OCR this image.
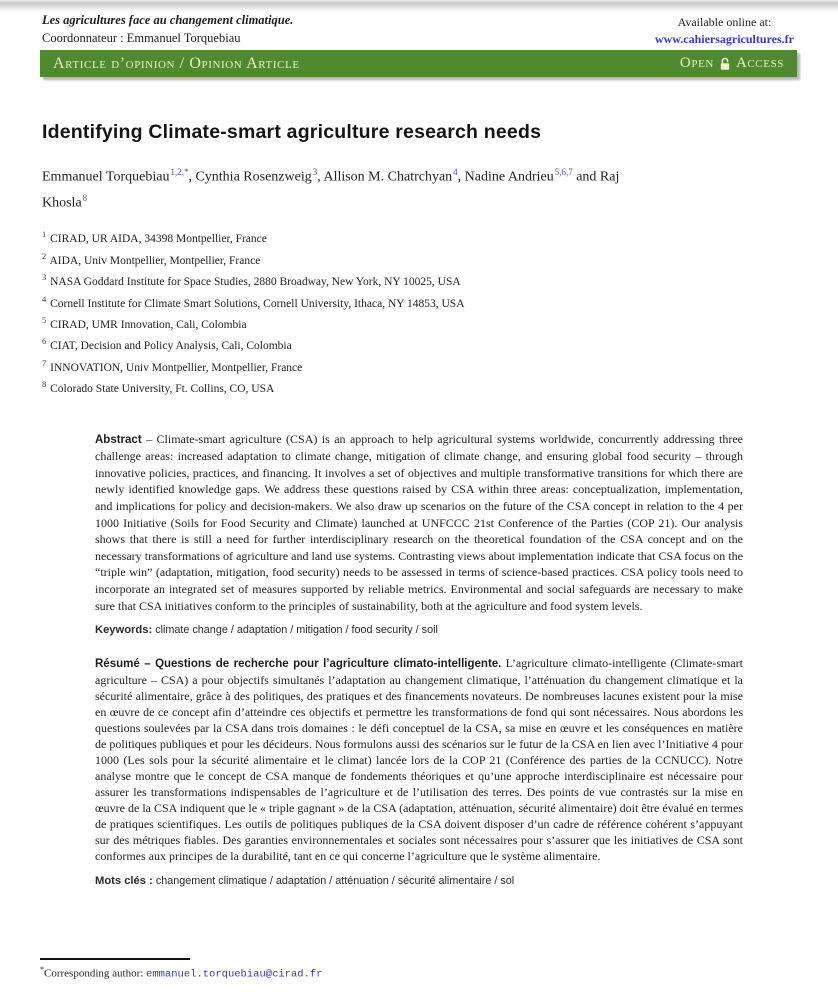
Les agricultures face au changement climatique.
Coordonnateur : Emmanuel Torquebiau
Available online at:
www.cahiersagricultures.fr
Article d’opinion / Opinion Article	Open Access
Identifying Climate-smart agriculture research needs

Emmanuel Torquebiau$^{1,2,*}$, Cynthia Rosenzweig$^3$, Allison M. Chatrchyan$^4$, Nadine Andrieu$^{5,6,7}$ and Raj Khosla$^8$

$^1$ CIRAD, UR AIDA, 34398 Montpellier, France
$^2$ AIDA, Univ Montpellier, Montpellier, France
$^3$ NASA Goddard Institute for Space Studies, 2880 Broadway, New York, NY 10025, USA
$^4$ Cornell Institute for Climate Smart Solutions, Cornell University, Ithaca, NY 14853, USA
$^5$ CIRAD, UMR Innovation, Cali, Colombia
$^6$ CIAT, Decision and Policy Analysis, Cali, Colombia
$^7$ INNOVATION, Univ Montpellier, Montpellier, France
$^8$ Colorado State University, Ft. Collins, CO, USA

Abstract – Climate-smart agriculture (CSA) is an approach to help agricultural systems worldwide, concurrently addressing three challenge areas: increased adaptation to climate change, mitigation of climate change, and ensuring global food security – through innovative policies, practices, and financing. It involves a set of objectives and multiple transformative transitions for which there are newly identified knowledge gaps. We address these questions raised by CSA within three areas: conceptualization, implementation, and implications for policy and decision-makers. We also draw up scenarios on the future of the CSA concept in relation to the 4 per 1000 Initiative (Soils for Food Security and Climate) launched at UNFCCC 21st Conference of the Parties (COP 21). Our analysis shows that there is still a need for further interdisciplinary research on the theoretical foundation of the CSA concept and on the necessary transformations of agriculture and land use systems. Contrasting views about implementation indicate that CSA focus on the “triple win” (adaptation, mitigation, food security) needs to be assessed in terms of science-based practices. CSA policy tools need to incorporate an integrated set of measures supported by reliable metrics. Environmental and social safeguards are necessary to make sure that CSA initiatives conform to the principles of sustainability, both at the agriculture and food system levels.

Keywords: climate change / adaptation / mitigation / food security / soil

Résumé – Questions de recherche pour l’agriculture climato-intelligente. L’agriculture climato-intelligente (Climate-smart agriculture – CSA) a pour objectifs simultanés l’adaptation au changement climatique, l’atténuation du changement climatique et la sécurité alimentaire, grâce à des politiques, des pratiques et des financements novateurs. De nombreuses lacunes existent pour la mise en œuvre de ce concept afin d’atteindre ces objectifs et permettre les transformations de fond qui sont nécessaires. Nous abordons les questions soulevées par la CSA dans trois domaines : le défi conceptuel de la CSA, sa mise en œuvre et les conséquences en matière de politiques publiques et pour les décideurs. Nous formulons aussi des scénarios sur le futur de la CSA en lien avec l’Initiative 4 pour 1000 (Les sols pour la sécurité alimentaire et le climat) lancée lors de la COP 21 (Conférence des parties de la CCNUCC). Notre analyse montre que le concept de CSA manque de fondements théoriques et qu’une approche interdisciplinaire est nécessaire pour assurer les transformations indispensables de l’agriculture et de l’utilisation des terres. Des points de vue contrastés sur la mise en œuvre de la CSA indiquent que le « triple gagnant » de la CSA (adaptation, atténuation, sécurité alimentaire) doit être évalué en termes de pratiques scientifiques. Les outils de politiques publiques de la CSA doivent disposer d’un cadre de référence cohérent s’appuyant sur des métriques fiables. Des garanties environnementales et sociales sont nécessaires pour s’assurer que les initiatives de CSA sont conformes aux principes de la durabilité, tant en ce qui concerne l’agriculture que le système alimentaire.

Mots clés : changement climatique / adaptation / atténuation / sécurité alimentaire / sol

*Corresponding author: emmanuel.torquebiau@cirad.fr
